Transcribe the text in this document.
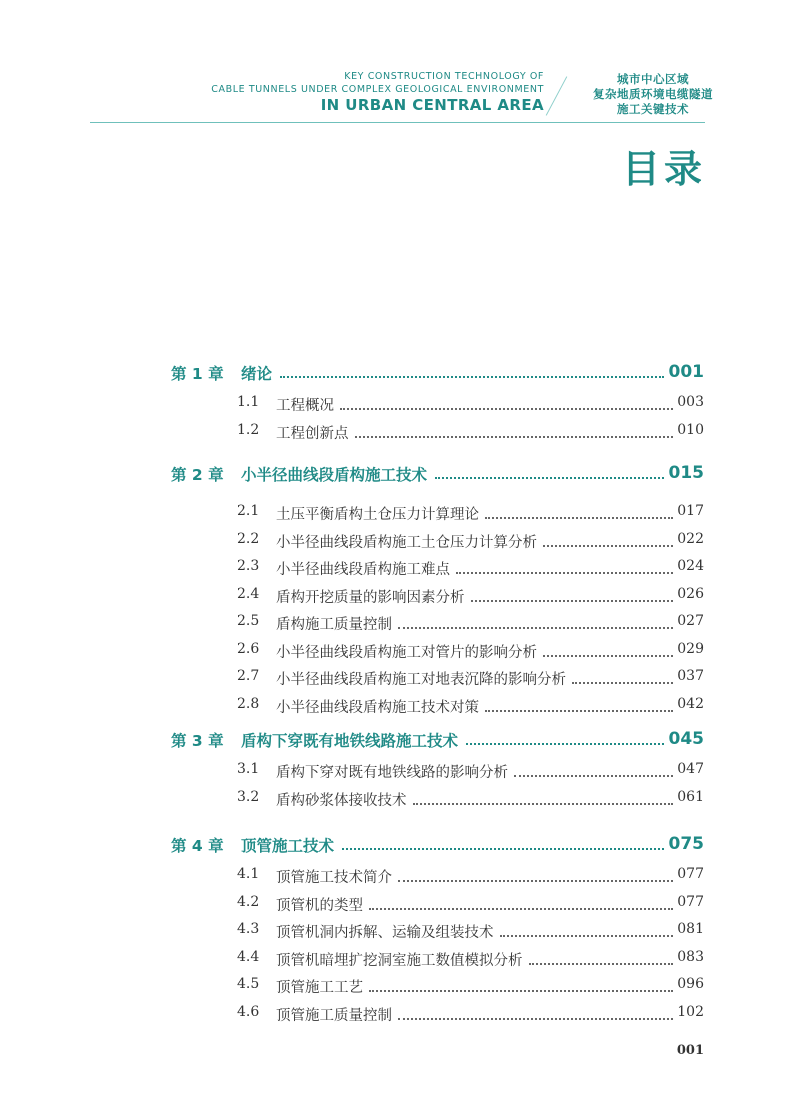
KEY CONSTRUCTION TECHNOLOGY OF
CABLE TUNNELS UNDER COMPLEX GEOLOGICAL ENVIRONMENT
IN URBAN CENTRAL AREA
城市中心区域
复杂地质环境电缆隧道
施工关键技术
目录
第 1 章 绪论	001
1.1 工程概况	003
1.2 工程创新点	010
第 2 章 小半径曲线段盾构施工技术	015
2.1 土压平衡盾构土仓压力计算理论	017
2.2 小半径曲线段盾构施工土仓压力计算分析	022
2.3 小半径曲线段盾构施工难点	024
2.4 盾构开挖质量的影响因素分析	026
2.5 盾构施工质量控制	027
2.6 小半径曲线段盾构施工对管片的影响分析	029
2.7 小半径曲线段盾构施工对地表沉降的影响分析	037
2.8 小半径曲线段盾构施工技术对策	042
第 3 章 盾构下穿既有地铁线路施工技术	045
3.1 盾构下穿对既有地铁线路的影响分析	047
3.2 盾构砂浆体接收技术	061
第 4 章 顶管施工技术	075
4.1 顶管施工技术简介	077
4.2 顶管机的类型	077
4.3 顶管机洞内拆解、运输及组装技术	081
4.4 顶管机暗埋扩挖洞室施工数值模拟分析	083
4.5 顶管施工工艺	096
4.6 顶管施工质量控制	102
001
